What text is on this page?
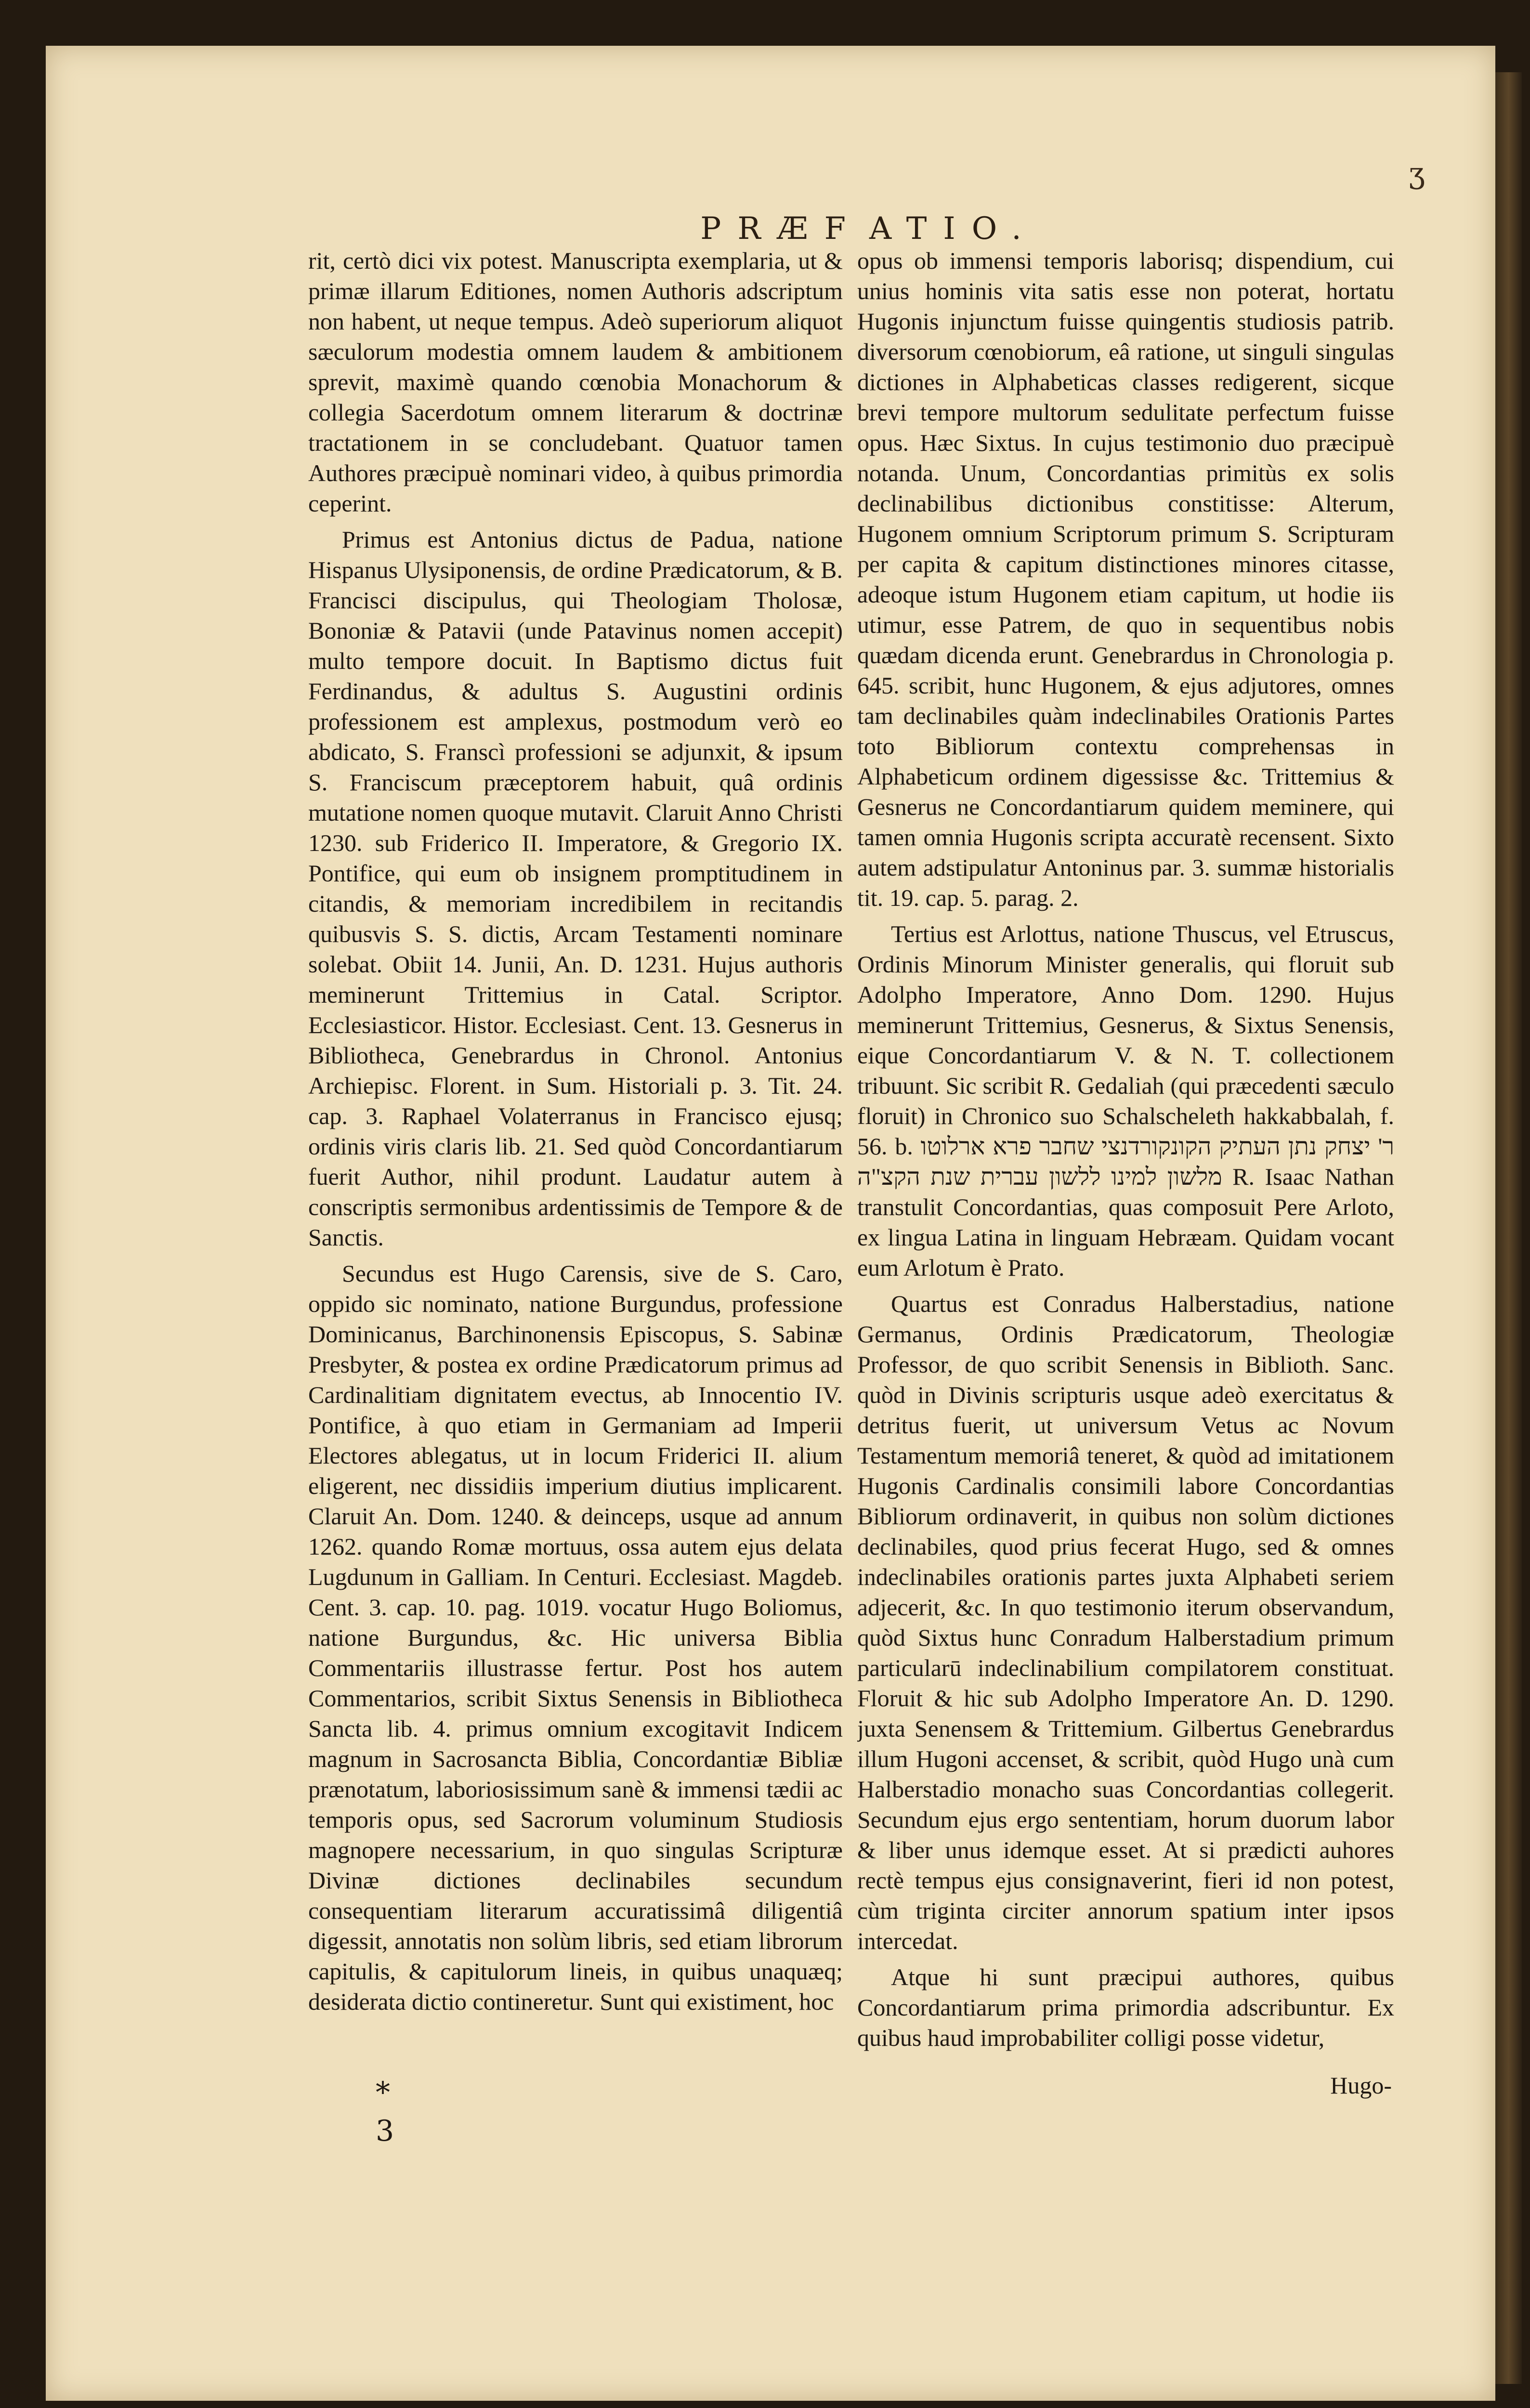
ʒ
PRÆF ATIO.

rit, certò dici vix potest. Manuscripta exemplaria, ut & primæ illarum Editiones, nomen Authoris adscriptum non habent, ut neque tempus. Adeò superiorum aliquot sæculorum modestia omnem laudem & ambitionem sprevit, maximè quando cœnobia Monachorum & collegia Sacerdotum omnem literarum & doctrinæ tractationem in se concludebant. Quatuor tamen Authores præcipuè nominari video, à quibus primordia ceperint.

Primus est Antonius dictus de Padua, natione Hispanus Ulysiponensis, de ordine Prædicatorum, & B. Francisci discipulus, qui Theologiam Tholosæ, Bononiæ & Patavii (unde Patavinus nomen accepit) multo tempore docuit. In Baptismo dictus fuit Ferdinandus, & adultus S. Augustini ordinis professionem est amplexus, postmodum verò eo abdicato, S. Franscì professioni se adjunxit, & ipsum S. Franciscum præceptorem habuit, quâ ordinis mutatione nomen quoque mutavit. Claruit Anno Christi 1230. sub Friderico II. Imperatore, & Gregorio IX. Pontifice, qui eum ob insignem promptitudinem in citandis, & memoriam incredibilem in recitandis quibusvis S. S. dictis, Arcam Testamenti nominare solebat. Obiit 14. Junii, An. D. 1231. Hujus authoris meminerunt Trittemius in Catal. Scriptor. Ecclesiasticor. Histor. Ecclesiast. Cent. 13. Gesnerus in Bibliotheca, Genebrardus in Chronol. Antonius Archiepisc. Florent. in Sum. Historiali p. 3. Tit. 24. cap. 3. Raphael Volaterranus in Francisco ejusq; ordinis viris claris lib. 21. Sed quòd Concordantiarum fuerit Author, nihil produnt. Laudatur autem à conscriptis sermonibus ardentissimis de Tempore & de Sanctis.

Secundus est Hugo Carensis, sive de S. Caro, oppido sic nominato, natione Burgundus, professione Dominicanus, Barchinonensis Episcopus, S. Sabinæ Presbyter, & postea ex ordine Prædicatorum primus ad Cardinalitiam dignitatem evectus, ab Innocentio IV. Pontifice, à quo etiam in Germaniam ad Imperii Electores ablegatus, ut in locum Friderici II. alium eligerent, nec dissidiis imperium diutius implicarent. Claruit An. Dom. 1240. & deinceps, usque ad annum 1262. quando Romæ mortuus, ossa autem ejus delata Lugdunum in Galliam. In Centuri. Ecclesiast. Magdeb. Cent. 3. cap. 10. pag. 1019. vocatur Hugo Boliomus, natione Burgundus, &c. Hic universa Biblia Commentariis illustrasse fertur. Post hos autem Commentarios, scribit Sixtus Senensis in Bibliotheca Sancta lib. 4. primus omnium excogitavit Indicem magnum in Sacrosancta Biblia, Concordantiæ Bibliæ prænotatum, laboriosissimum sanè & immensi tædii ac temporis opus, sed Sacrorum voluminum Studiosis magnopere necessarium, in quo singulas Scripturæ Divinæ dictiones declinabiles secundum consequentiam literarum accuratissimâ diligentiâ digessit, annotatis non solùm libris, sed etiam librorum capitulis, & capitulorum lineis, in quibus unaquæq; desiderata dictio contineretur. Sunt qui existiment, hoc

opus ob immensi temporis laborisq; dispendium, cui unius hominis vita satis esse non poterat, hortatu Hugonis injunctum fuisse quingentis studiosis patrib. diversorum cœnobiorum, eâ ratione, ut singuli singulas dictiones in Alphabeticas classes redigerent, sicque brevi tempore multorum sedulitate perfectum fuisse opus. Hæc Sixtus. In cujus testimonio duo præcipuè notanda. Unum, Concordantias primitùs ex solis declinabilibus dictionibus constitisse: Alterum, Hugonem omnium Scriptorum primum S. Scripturam per capita & capitum distinctiones minores citasse, adeoque istum Hugonem etiam capitum, ut hodie iis utimur, esse Patrem, de quo in sequentibus nobis quædam dicenda erunt. Genebrardus in Chronologia p. 645. scribit, hunc Hugonem, & ejus adjutores, omnes tam declinabiles quàm indeclinabiles Orationis Partes toto Bibliorum contextu comprehensas in Alphabeticum ordinem digessisse &c. Trittemius & Gesnerus ne Concordantiarum quidem meminere, qui tamen omnia Hugonis scripta accuratè recensent. Sixto autem adstipulatur Antoninus par. 3. summæ historialis tit. 19. cap. 5. parag. 2.

Tertius est Arlottus, natione Thuscus, vel Etruscus, Ordinis Minorum Minister generalis, qui floruit sub Adolpho Imperatore, Anno Dom. 1290. Hujus meminerunt Trittemius, Gesnerus, & Sixtus Senensis, eique Concordantiarum V. & N. T. collectionem tribuunt. Sic scribit R. Gedaliah (qui præcedenti sæculo floruit) in Chronico suo Schalscheleth hakkabbalah, f. 56. b. ר' יצחק נתן העתיק הקונקורדנצי שחבר פרא ארלוטו מלשון למינו ללשון עברית שנת הקצ"ה R. Isaac Nathan transtulit Concordantias, quas composuit Pere Arloto, ex lingua Latina in linguam Hebræam. Quidam vocant eum Arlotum è Prato.

Quartus est Conradus Halberstadius, natione Germanus, Ordinis Prædicatorum, Theologiæ Professor, de quo scribit Senensis in Biblioth. Sanc. quòd in Divinis scripturis usque adeò exercitatus & detritus fuerit, ut universum Vetus ac Novum Testamentum memoriâ teneret, & quòd ad imitationem Hugonis Cardinalis consimili labore Concordantias Bibliorum ordinaverit, in quibus non solùm dictiones declinabiles, quod prius fecerat Hugo, sed & omnes indeclinabiles orationis partes juxta Alphabeti seriem adjecerit, &c. In quo testimonio iterum observandum, quòd Sixtus hunc Conradum Halberstadium primum particularū indeclinabilium compilatorem constituat. Floruit & hic sub Adolpho Imperatore An. D. 1290. juxta Senensem & Trittemium. Gilbertus Genebrardus illum Hugoni accenset, & scribit, quòd Hugo unà cum Halberstadio monacho suas Concordantias collegerit. Secundum ejus ergo sententiam, horum duorum labor & liber unus idemque esset. At si prædicti auhores rectè tempus ejus consignaverint, fieri id non potest, cùm triginta circiter annorum spatium inter ipsos intercedat.

Atque hi sunt præcipui authores, quibus Concordantiarum prima primordia adscribuntur. Ex quibus haud improbabiliter colligi posse videtur,

* 3
Hugo-
